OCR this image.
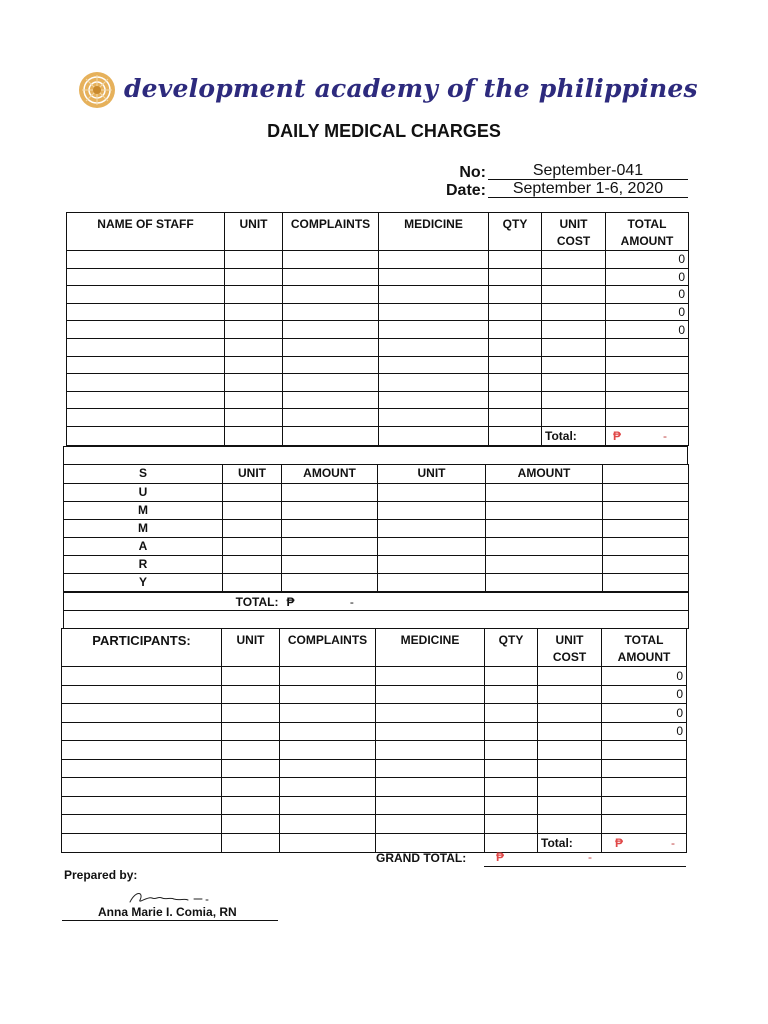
development academy of the philippines
DAILY MEDICAL CHARGES
No:	September-041
Date:	September 1-6, 2020
NAME OF STAFF	UNIT	COMPLAINTS	MEDICINE	QTY	UNIT COST	TOTAL AMOUNT
						0
						0
						0
						0
						0

					Total:	₱ -
S	UNIT	AMOUNT	UNIT	AMOUNT	
U					
M					
M					
A					
R					
Y					
TOTAL:	₱	-

PARTICIPANTS:	UNIT	COMPLAINTS	MEDICINE	QTY	UNIT COST	TOTAL AMOUNT
						0
						0
						0
						0

					Total:	₱ -
GRAND TOTAL: ₱	-
Prepared by:
Anna Marie I. Comia, RN
